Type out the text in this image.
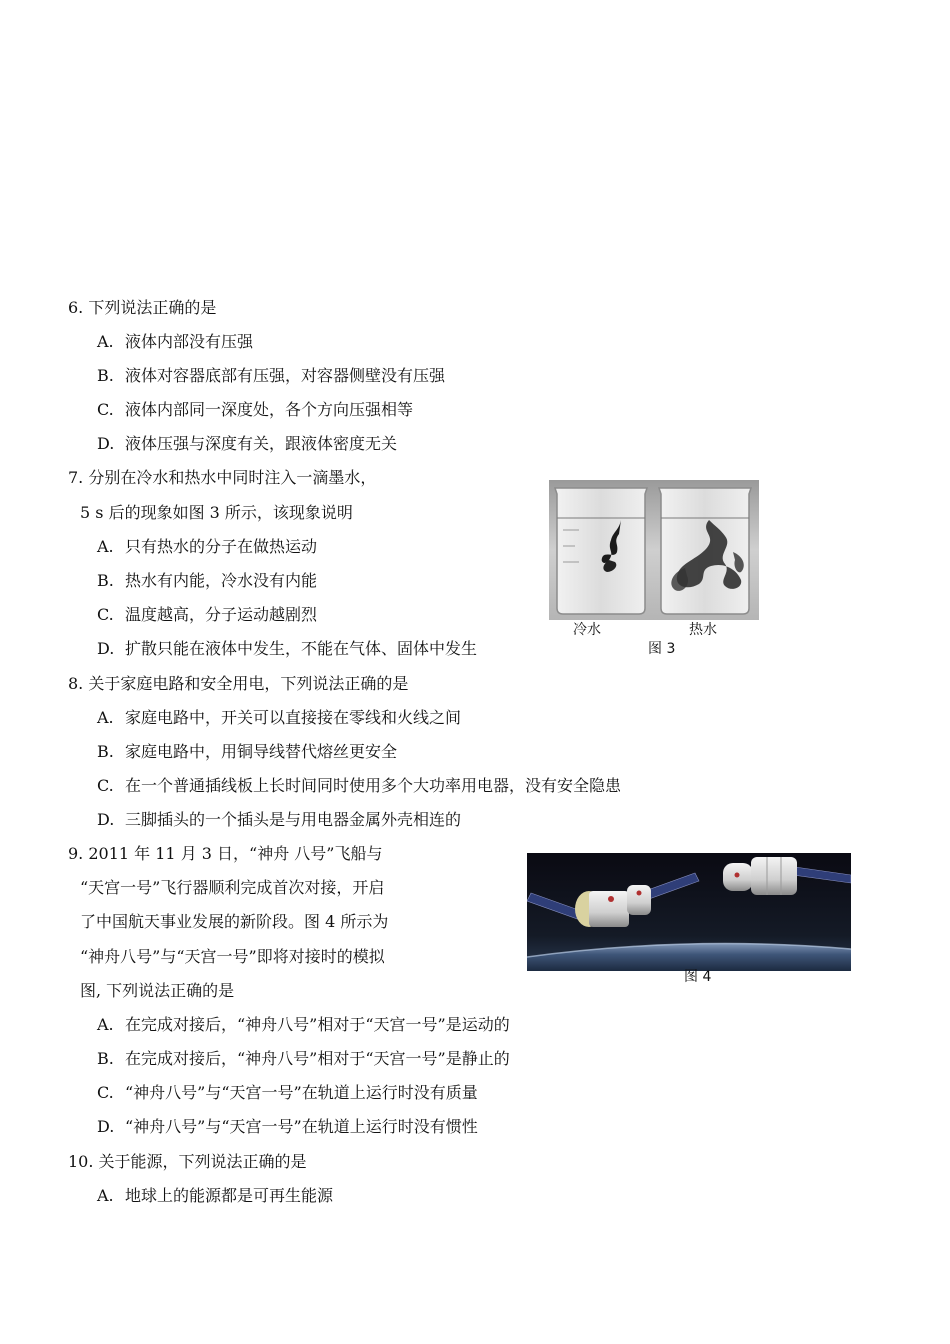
6. 下列说法正确的是
A. 液体内部没有压强
B. 液体对容器底部有压强，对容器侧壁没有压强
C. 液体内部同一深度处，各个方向压强相等
D. 液体压强与深度有关，跟液体密度无关
7. 分别在冷水和热水中同时注入一滴墨水，
5 s 后的现象如图 3 所示，该现象说明
A. 只有热水的分子在做热运动
B. 热水有内能，冷水没有内能
C. 温度越高，分子运动越剧烈
D. 扩散只能在液体中发生，不能在气体、固体中发生
冷水	热水
图 3
8. 关于家庭电路和安全用电，下列说法正确的是
A. 家庭电路中，开关可以直接接在零线和火线之间
B. 家庭电路中，用铜导线替代熔丝更安全
C. 在一个普通插线板上长时间同时使用多个大功率用电器，没有安全隐患
D. 三脚插头的一个插头是与用电器金属外壳相连的
9. 2011 年 11 月 3 日，“神舟 八号”飞船与
“天宫一号”飞行器顺利完成首次对接，开启
了中国航天事业发展的新阶段。图 4 所示为
“神舟八号”与“天宫一号”即将对接时的模拟
图, 下列说法正确的是
A. 在完成对接后，“神舟八号”相对于“天宫一号”是运动的
B. 在完成对接后，“神舟八号”相对于“天宫一号”是静止的
C. “神舟八号”与“天宫一号”在轨道上运行时没有质量
D. “神舟八号”与“天宫一号”在轨道上运行时没有惯性
图 4
10. 关于能源，下列说法正确的是
A. 地球上的能源都是可再生能源
